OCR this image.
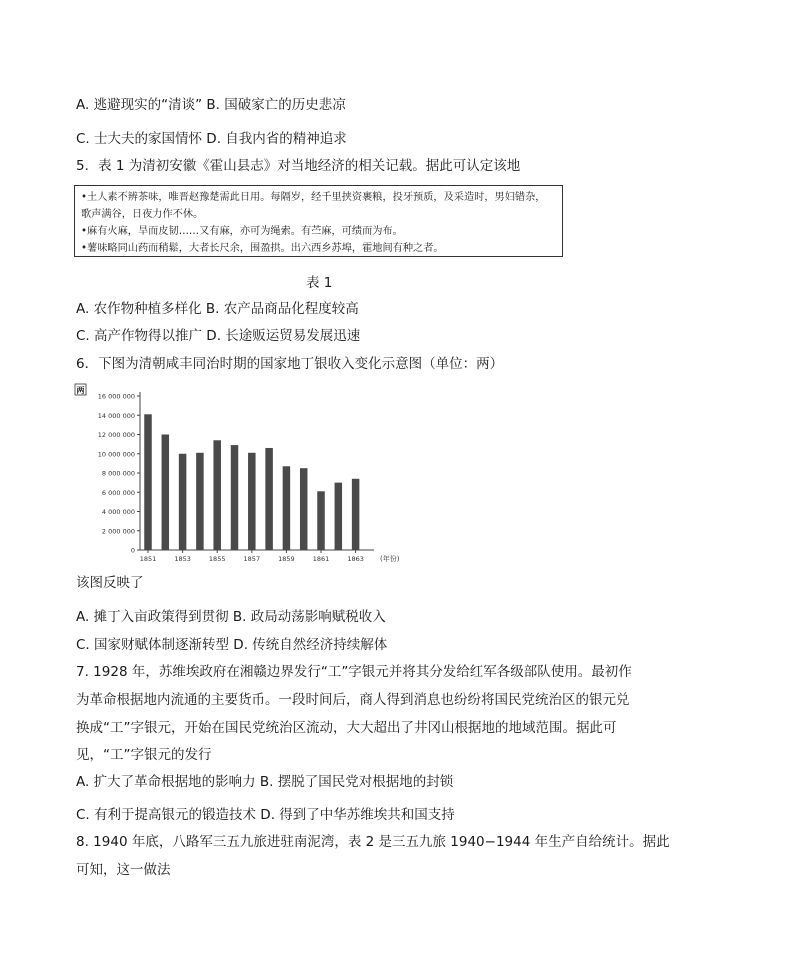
A. 逃避现实的“清谈” B. 国破家亡的历史悲凉
C. 士大夫的家国情怀 D. 自我内省的精神追求
5．表 1 为清初安徽《霍山县志》对当地经济的相关记载。据此可认定该地
•土人素不辨茶味，唯晋赵豫楚需此日用。每隔岁，经千里挟资裹粮，投牙预质，及采造时，男妇错杂，
歌声满谷，日夜力作不休。
•麻有火麻，旱而皮韧……又有麻，亦可为绳索。有苎麻，可绩而为布。
•薯味略同山药而稍鬆，大者长尺余，围盈拱。出六西乡苏埠，霍地间有种之者。
表 1
A. 农作物种植多样化 B. 农产品商品化程度较高
C. 高产作物得以推广 D. 长途贩运贸易发展迅速
6．下图为清朝咸丰同治时期的国家地丁银收入变化示意图（单位：两）
0
2 000 000
4 000 000
6 000 000
8 000 000
10 000 000
12 000 000
14 000 000
16 000 000
两
1851	1853	1855	1857	1859	1861	1863 (年份)
该图反映了
A. 摊丁入亩政策得到贯彻 B. 政局动荡影响赋税收入
C. 国家财赋体制逐渐转型 D. 传统自然经济持续解体
7. 1928 年，苏维埃政府在湘赣边界发行“工”字银元并将其分发给红军各级部队使用。最初作
为革命根据地内流通的主要货币。一段时间后，商人得到消息也纷纷将国民党统治区的银元兑
换成“工”字银元，开始在国民党统治区流动，大大超出了井冈山根据地的地域范围。据此可
见，“工”字银元的发行
A. 扩大了革命根据地的影响力 B. 摆脱了国民党对根据地的封锁
C. 有利于提高银元的锻造技术 D. 得到了中华苏维埃共和国支持
8. 1940 年底，八路军三五九旅进驻南泥湾，表 2 是三五九旅 1940−1944 年生产自给统计。据此
可知，这一做法
